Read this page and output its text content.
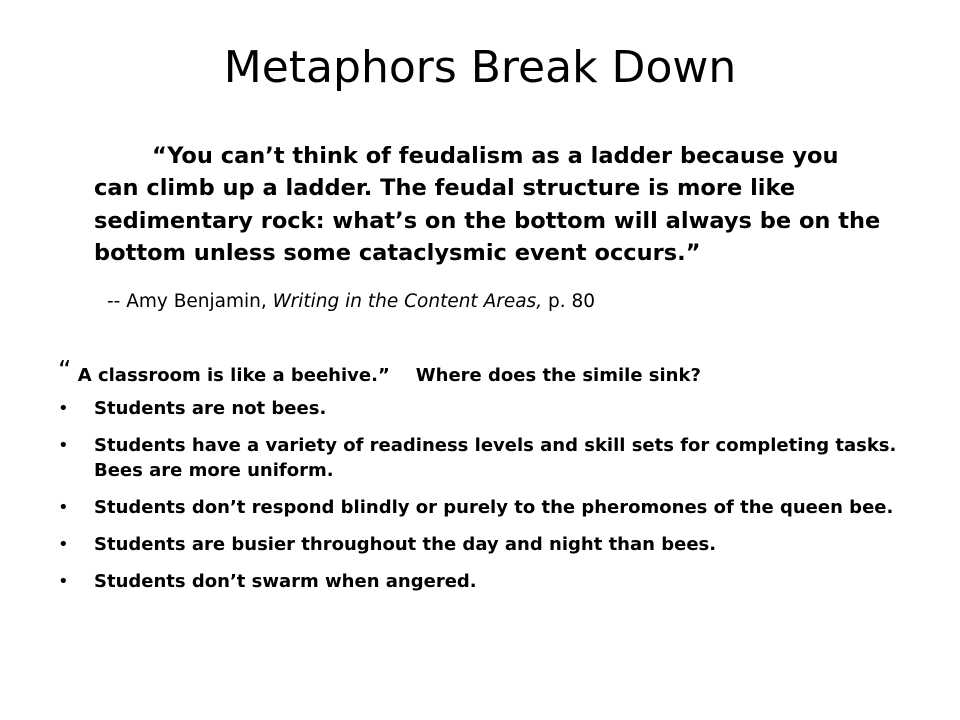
Metaphors Break Down

“You can’t think of feudalism as a ladder because you can climb up a ladder. The feudal structure is more like sedimentary rock: what’s on the bottom will always be on the bottom unless some cataclysmic event occurs.”

-- Amy Benjamin, Writing in the Content Areas, p. 80

“ A classroom is like a beehive.” Where does the simile sink?

•	Students are not bees.
•	Students have a variety of readiness levels and skill sets for completing tasks. Bees are more uniform.
•	Students don’t respond blindly or purely to the pheromones of the queen bee.
•	Students are busier throughout the day and night than bees.
•	Students don’t swarm when angered.
